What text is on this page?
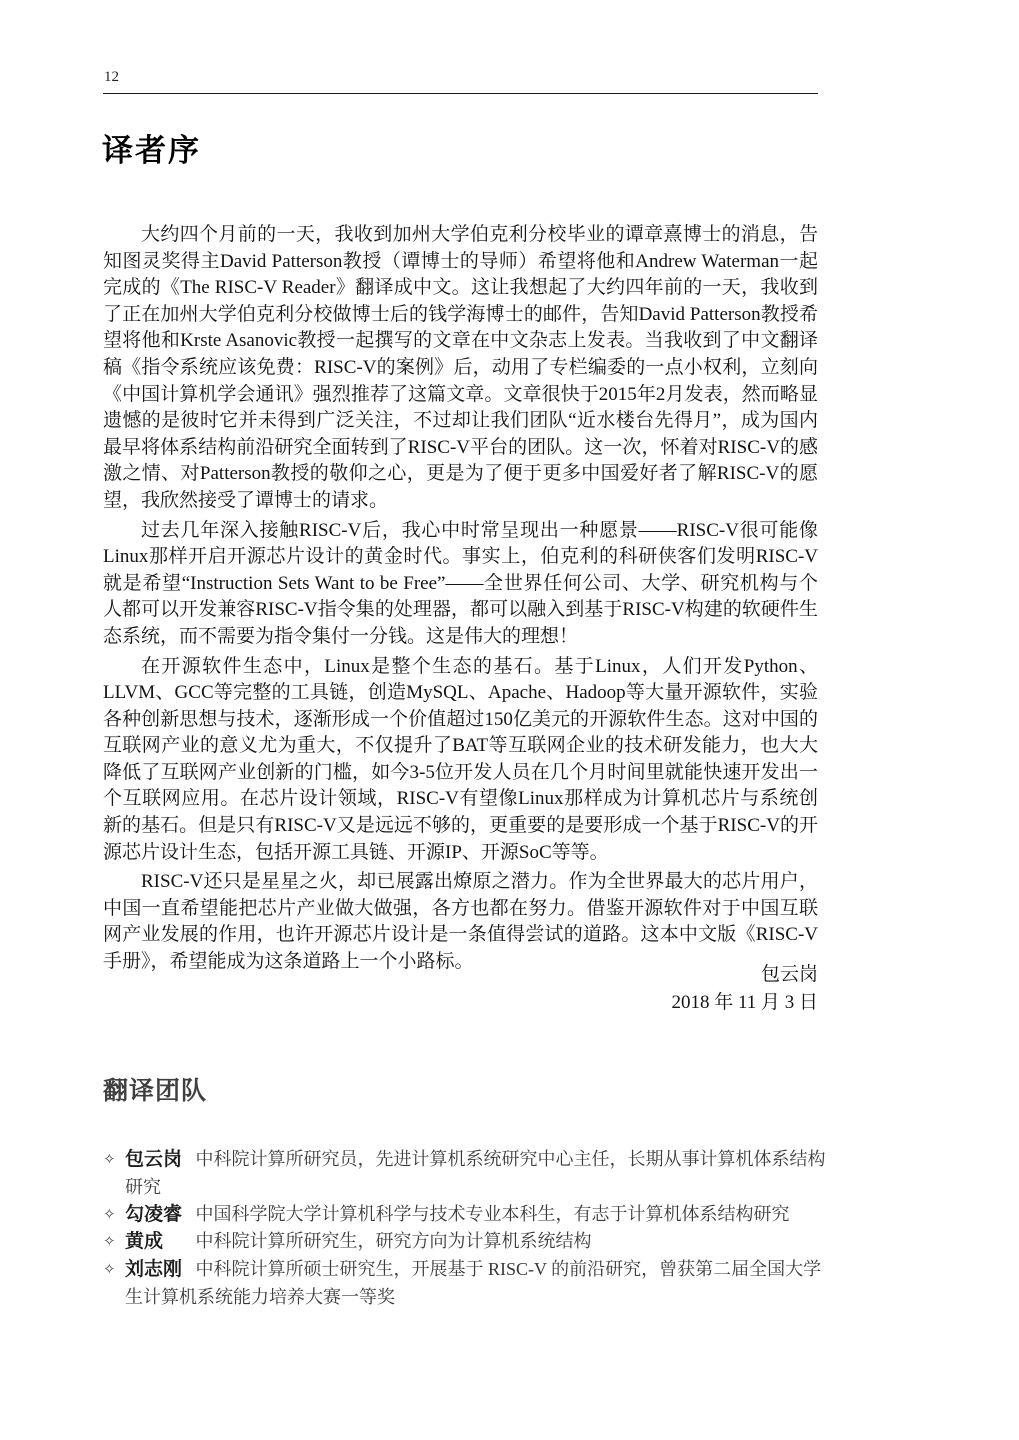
12
译者序

大约四个月前的一天，我收到加州大学伯克利分校毕业的谭章熹博士的消息，告知图灵奖得主David Patterson教授（谭博士的导师）希望将他和Andrew Waterman一起完成的《The RISC-V Reader》翻译成中文。这让我想起了大约四年前的一天，我收到了正在加州大学伯克利分校做博士后的钱学海博士的邮件，告知David Patterson教授希望将他和Krste Asanovic教授一起撰写的文章在中文杂志上发表。当我收到了中文翻译稿《指令系统应该免费：RISC-V的案例》后，动用了专栏编委的一点小权利，立刻向《中国计算机学会通讯》强烈推荐了这篇文章。文章很快于2015年2月发表，然而略显遗憾的是彼时它并未得到广泛关注，不过却让我们团队“近水楼台先得月”，成为国内最早将体系结构前沿研究全面转到了RISC-V平台的团队。这一次，怀着对RISC-V的感激之情、对Patterson教授的敬仰之心，更是为了便于更多中国爱好者了解RISC-V的愿望，我欣然接受了谭博士的请求。

过去几年深入接触RISC-V后，我心中时常呈现出一种愿景——RISC-V很可能像Linux那样开启开源芯片设计的黄金时代。事实上，伯克利的科研侠客们发明RISC-V就是希望“Instruction Sets Want to be Free”——全世界任何公司、大学、研究机构与个人都可以开发兼容RISC-V指令集的处理器，都可以融入到基于RISC-V构建的软硬件生态系统，而不需要为指令集付一分钱。这是伟大的理想！

在开源软件生态中，Linux是整个生态的基石。基于Linux，人们开发Python、LLVM、GCC等完整的工具链，创造MySQL、Apache、Hadoop等大量开源软件，实验各种创新思想与技术，逐渐形成一个价值超过150亿美元的开源软件生态。这对中国的互联网产业的意义尤为重大，不仅提升了BAT等互联网企业的技术研发能力，也大大降低了互联网产业创新的门槛，如今3-5位开发人员在几个月时间里就能快速开发出一个互联网应用。在芯片设计领域，RISC-V有望像Linux那样成为计算机芯片与系统创新的基石。但是只有RISC-V又是远远不够的，更重要的是要形成一个基于RISC-V的开源芯片设计生态，包括开源工具链、开源IP、开源SoC等等。

RISC-V还只是星星之火，却已展露出燎原之潜力。作为全世界最大的芯片用户，中国一直希望能把芯片产业做大做强，各方也都在努力。借鉴开源软件对于中国互联网产业发展的作用，也许开源芯片设计是一条值得尝试的道路。这本中文版《RISC-V手册》，希望能成为这条道路上一个小路标。

包云岗
2018 年 11 月 3 日
翻译团队
✧ 包云岗 中科院计算所研究员，先进计算机系统研究中心主任，长期从事计算机体系结构研究
✧ 勾凌睿 中国科学院大学计算机科学与技术专业本科生，有志于计算机体系结构研究
✧ 黄成 中科院计算所研究生，研究方向为计算机系统结构
✧ 刘志刚 中科院计算所硕士研究生，开展基于 RISC-V 的前沿研究，曾获第二届全国大学生计算机系统能力培养大赛一等奖
